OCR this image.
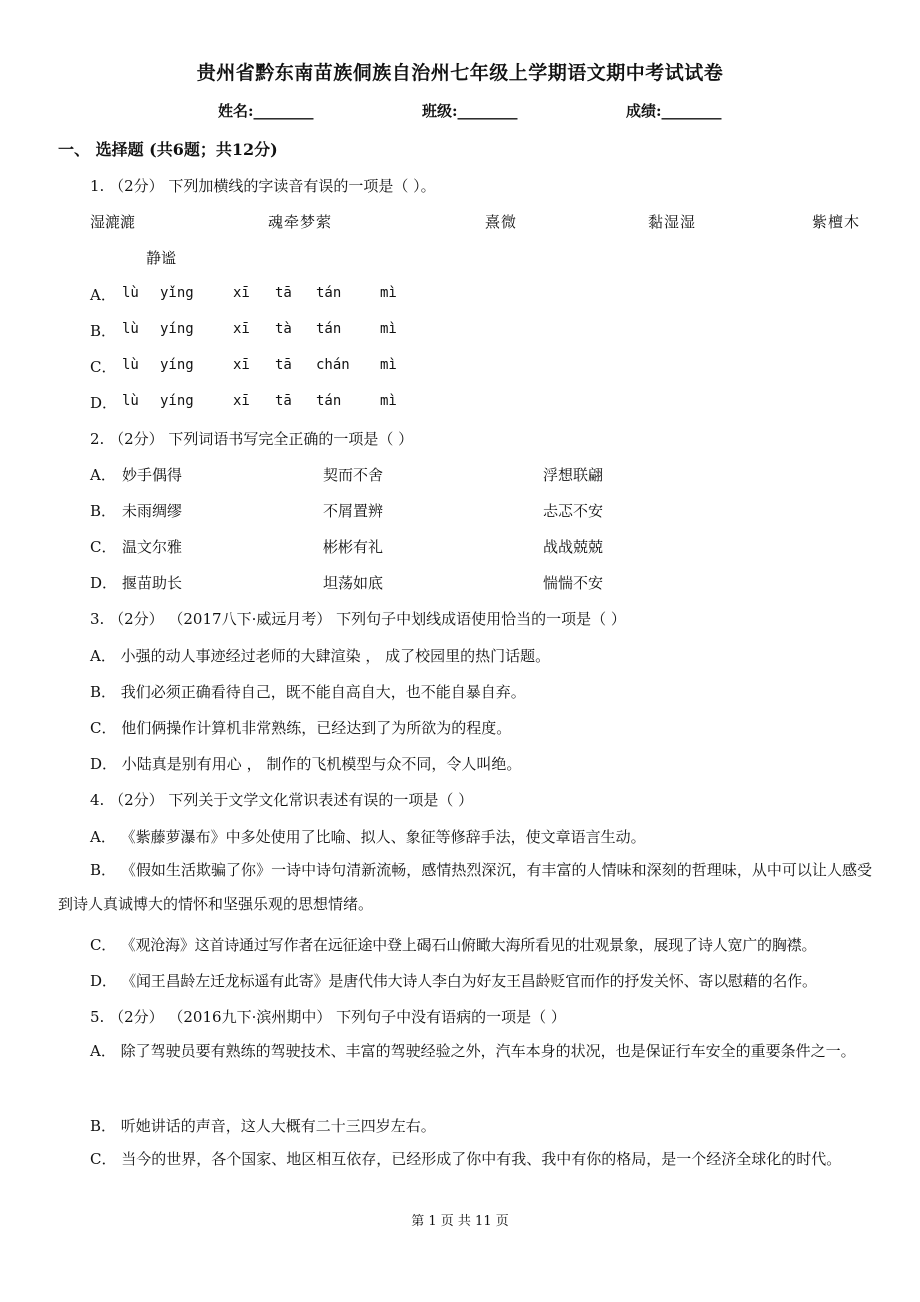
贵州省黔东南苗族侗族自治州七年级上学期语文期中考试试卷
姓名:________	班级:________	成绩:________
一、 选择题 (共6题；共12分)
1. （2分） 下列加横线的字读音有误的一项是（ ）。
湿漉漉	魂牵梦萦	熹微	黏湿湿	紫檀木
静谧
A． lù yǐng	xī tā tán	mì
B． lù yíng	xī tà tán	mì
C． lù yíng	xī tā chán mì
D． lù yíng	xī tā tán	mì
2. （2分） 下列词语书写完全正确的一项是（ ）
A． 妙手偶得	契而不舍	浮想联翩
B． 未雨绸缪	不屑置辨	忐忑不安
C． 温文尔雅	彬彬有礼	战战兢兢
D． 揠苗助长	坦荡如底	惴惴不安
3. （2分） （2017八下·威远月考） 下列句子中划线成语使用恰当的一项是（ ）
A． 小强的动人事迹经过老师的大肆渲染 ， 成了校园里的热门话题。
B． 我们必须正确看待自己，既不能自高自大，也不能自暴自弃。
C． 他们俩操作计算机非常熟练，已经达到了为所欲为的程度。
D． 小陆真是别有用心 ， 制作的飞机模型与众不同，令人叫绝。
4. （2分） 下列关于文学文化常识表述有误的一项是（ ）
A． 《紫藤萝瀑布》中多处使用了比喻、拟人、象征等修辞手法，使文章语言生动。
B． 《假如生活欺骗了你》一诗中诗句清新流畅，感情热烈深沉，有丰富的人情味和深刻的哲理味，从中可以让人感受到诗人真诚博大的情怀和坚强乐观的思想情绪。
C． 《观沧海》这首诗通过写作者在远征途中登上碣石山俯瞰大海所看见的壮观景象，展现了诗人宽广的胸襟。
D． 《闻王昌龄左迁龙标遥有此寄》是唐代伟大诗人李白为好友王昌龄贬官而作的抒发关怀、寄以慰藉的名作。
5. （2分） （2016九下·滨州期中） 下列句子中没有语病的一项是（ ）
A． 除了驾驶员要有熟练的驾驶技术、丰富的驾驶经验之外，汽车本身的状况，也是保证行车安全的重要条件之一。
B． 听她讲话的声音，这人大概有二十三四岁左右。
C． 当今的世界，各个国家、地区相互依存，已经形成了你中有我、我中有你的格局，是一个经济全球化的时代。
第 1 页 共 11 页
